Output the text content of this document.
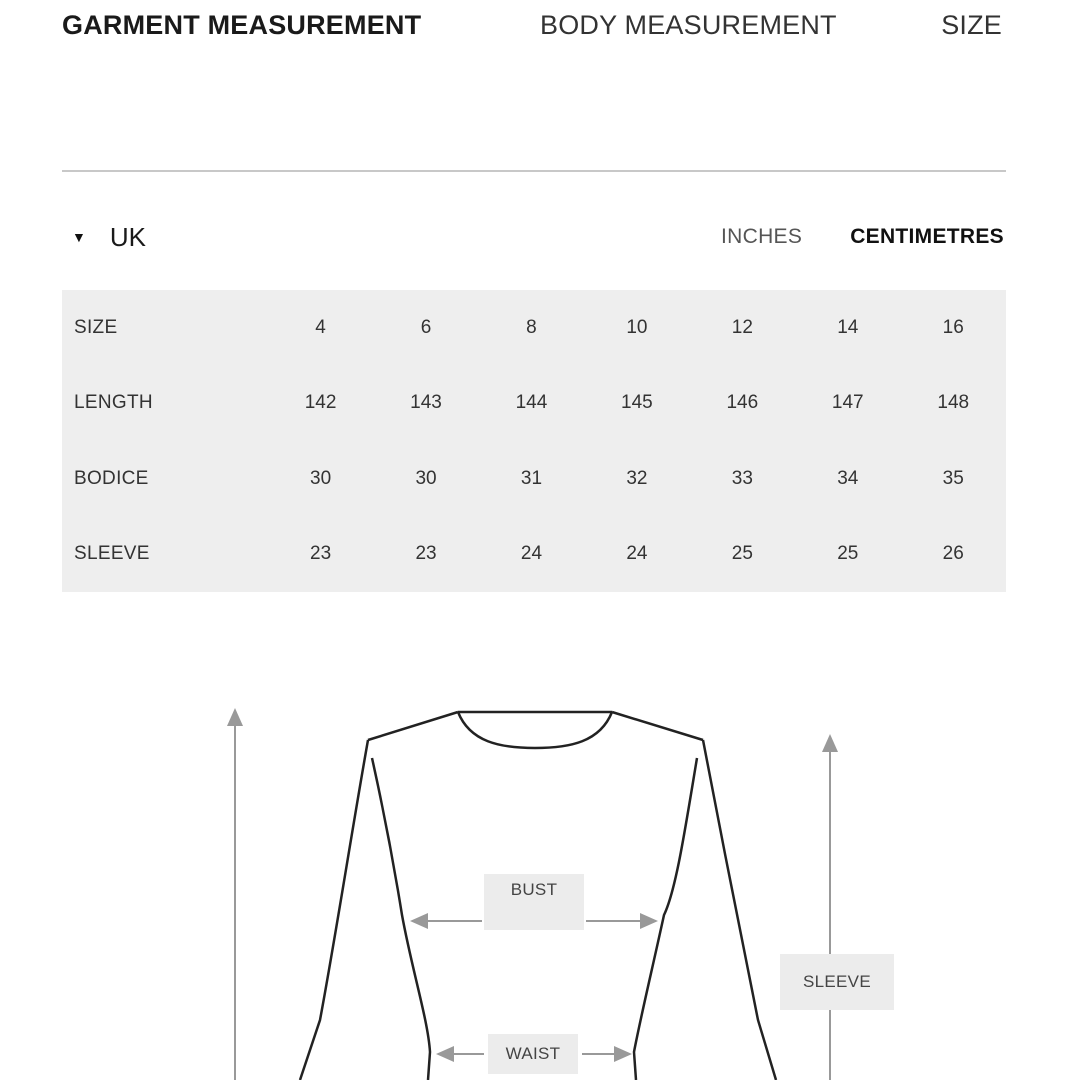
GARMENT MEASUREMENT	BODY MEASUREMENT	SIZE
▼ UK	INCHES CENTIMETRES
SIZE	4	6	8	10	12	14	16
LENGTH	142	143	144	145	146	147	148
BODICE	30	30	31	32	33	34	35
SLEEVE	23	23	24	24	25	25	26
BUST
SLEEVE
WAIST
